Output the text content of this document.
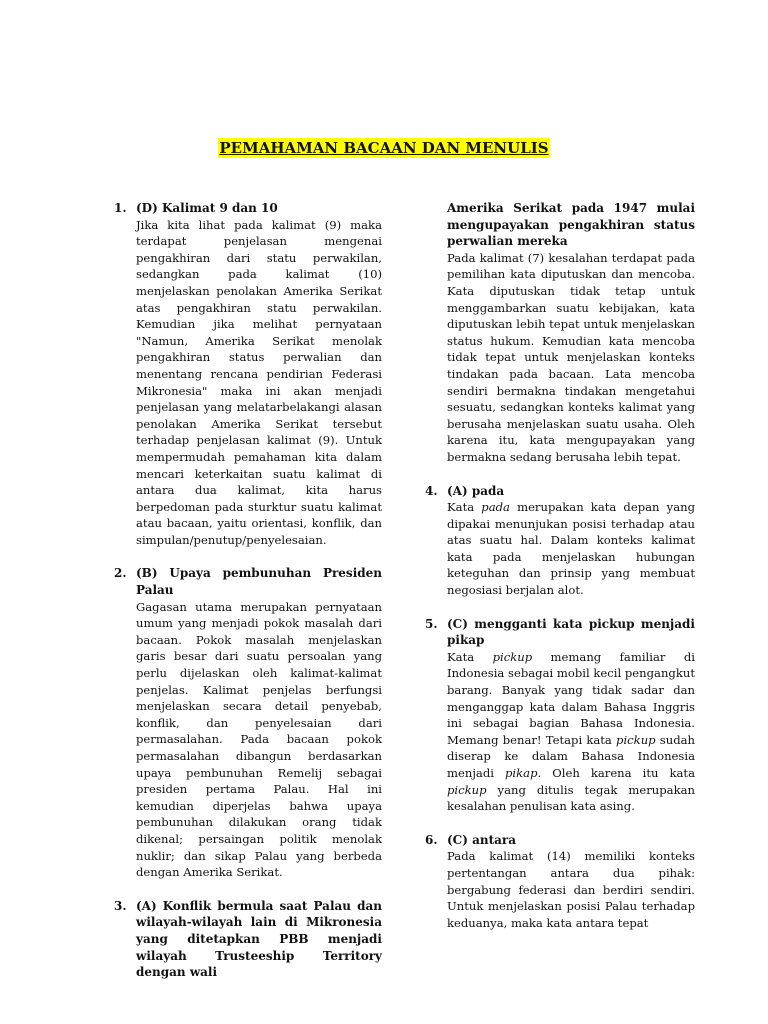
PEMAHAMAN BACAAN DAN MENULIS
1. (D) Kalimat 9 dan 10

Jika kita lihat pada kalimat (9) maka terdapat penjelasan mengenai pengakhiran dari statu perwakilan, sedangkan pada kalimat (10) menjelaskan penolakan Amerika Serikat atas pengakhiran statu perwakilan. Kemudian jika melihat pernyataan "Namun, Amerika Serikat menolak pengakhiran status perwalian dan menentang rencana pendirian Federasi Mikronesia" maka ini akan menjadi penjelasan yang melatarbelakangi alasan penolakan Amerika Serikat tersebut terhadap penjelasan kalimat (9). Untuk mempermudah pemahaman kita dalam mencari keterkaitan suatu kalimat di antara dua kalimat, kita harus berpedoman pada sturktur suatu kalimat atau bacaan, yaitu orientasi, konflik, dan simpulan/penutup/penyelesaian.

2. (B) Upaya pembunuhan Presiden Palau

Gagasan utama merupakan pernyataan umum yang menjadi pokok masalah dari bacaan. Pokok masalah menjelaskan garis besar dari suatu persoalan yang perlu dijelaskan oleh kalimat-kalimat penjelas. Kalimat penjelas berfungsi menjelaskan secara detail penyebab, konflik, dan penyelesaian dari permasalahan. Pada bacaan pokok permasalahan dibangun berdasarkan upaya pembunuhan Remelij sebagai presiden pertama Palau. Hal ini kemudian diperjelas bahwa upaya pembunuhan dilakukan orang tidak dikenal; persaingan politik menolak nuklir; dan sikap Palau yang berbeda dengan Amerika Serikat.

3. (A) Konflik bermula saat Palau dan wilayah-wilayah lain di Mikronesia yang ditetapkan PBB menjadi wilayah Trusteeship Territory dengan wali

Amerika Serikat pada 1947 mulai mengupayakan pengakhiran status perwalian mereka

Pada kalimat (7) kesalahan terdapat pada pemilihan kata diputuskan dan mencoba. Kata diputuskan tidak tetap untuk menggambarkan suatu kebijakan, kata diputuskan lebih tepat untuk menjelaskan status hukum. Kemudian kata mencoba tidak tepat untuk menjelaskan konteks tindakan pada bacaan. Lata mencoba sendiri bermakna tindakan mengetahui sesuatu, sedangkan konteks kalimat yang berusaha menjelaskan suatu usaha. Oleh karena itu, kata mengupayakan yang bermakna sedang berusaha lebih tepat.

4. (A) pada

Kata pada merupakan kata depan yang dipakai menunjukan posisi terhadap atau atas suatu hal. Dalam konteks kalimat kata pada menjelaskan hubungan keteguhan dan prinsip yang membuat negosiasi berjalan alot.

5. (C) mengganti kata pickup menjadi pikap

Kata pickup memang familiar di Indonesia sebagai mobil kecil pengangkut barang. Banyak yang tidak sadar dan menganggap kata dalam Bahasa Inggris ini sebagai bagian Bahasa Indonesia. Memang benar! Tetapi kata pickup sudah diserap ke dalam Bahasa Indonesia menjadi pikap. Oleh karena itu kata pickup yang ditulis tegak merupakan kesalahan penulisan kata asing.

6. (C) antara

Pada kalimat (14) memiliki konteks pertentangan antara dua pihak: bergabung federasi dan berdiri sendiri. Untuk menjelaskan posisi Palau terhadap keduanya, maka kata antara tepat
